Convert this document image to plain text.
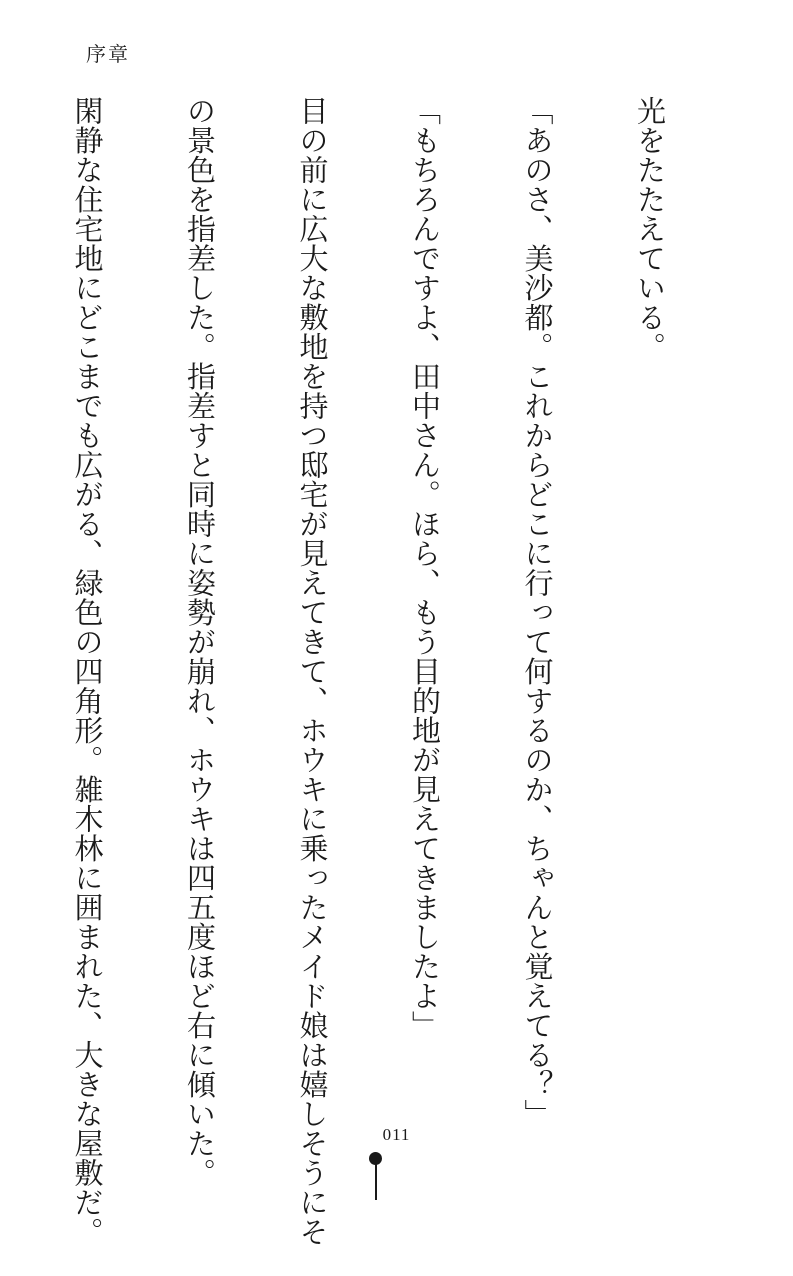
序章

光をたたえている。

「あのさ、美沙都。これからどこに行って何するのか、ちゃんと覚えてる？」

「もちろんですよ、田中さん。ほら、もう目的地が見えてきましたよ」

目の前に広大な敷地を持つ邸宅が見えてきて、ホウキに乗ったメイド娘は嬉しそうにそ

の景色を指差した。指差すと同時に姿勢が崩れ、ホウキは四五度ほど右に傾いた。

閑静な住宅地にどこまでも広がる、緑色の四角形。雑木林に囲まれた、大きな屋敷だ。

	011
